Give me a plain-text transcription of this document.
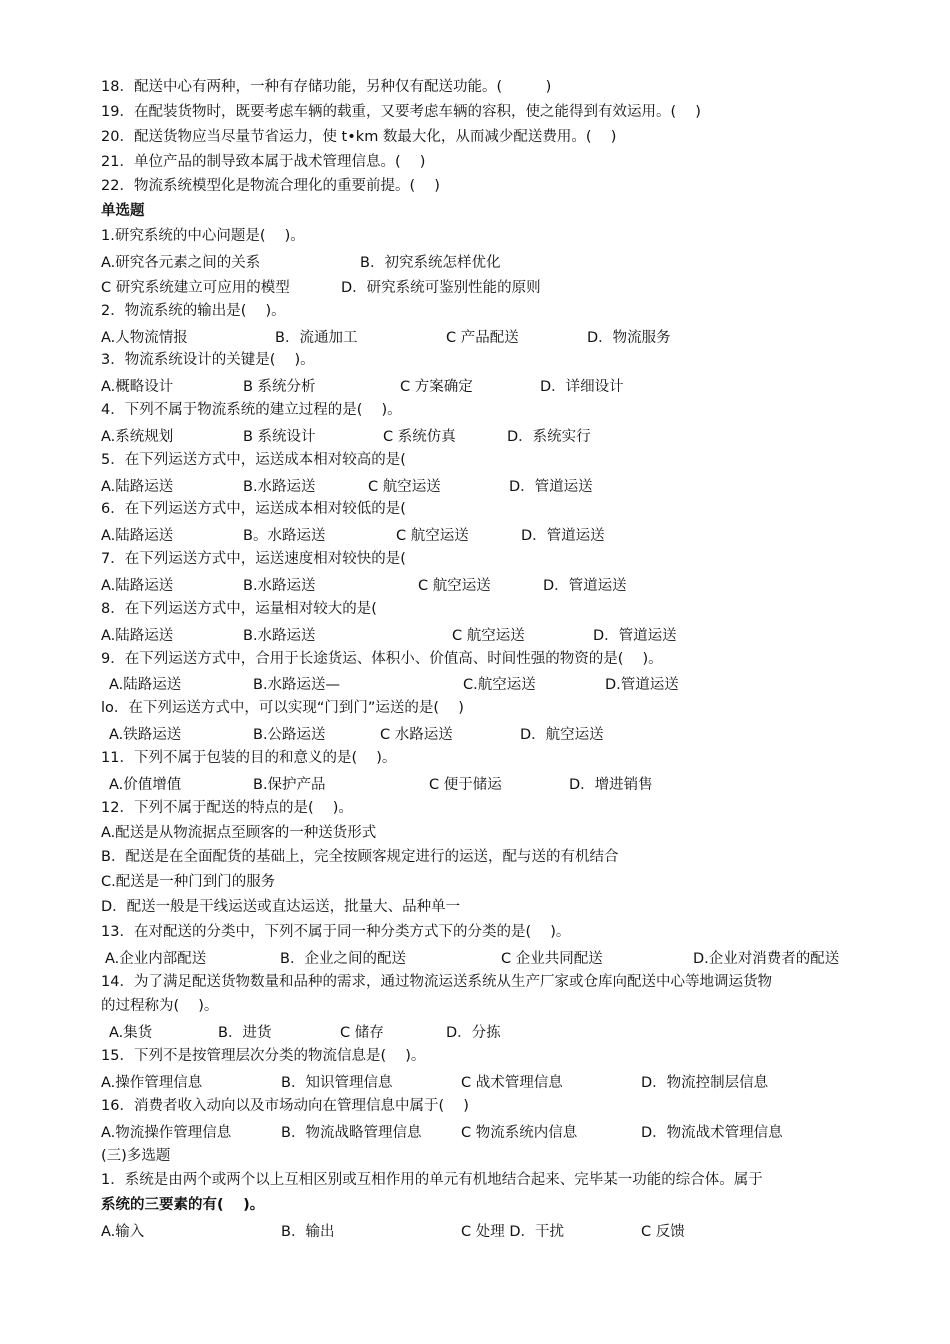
18．配送中心有两种，一种有存储功能，另种仅有配送功能。(　　　)
19．在配装货物时，既要考虑车辆的载重，又要考虑车辆的容积，使之能得到有效运用。(　 )
20．配送货物应当尽量节省运力，使 t•km 数最大化，从而减少配送费用。(　 )
21．单位产品的制导致本属于战术管理信息。(　 )
22．物流系统模型化是物流合理化的重要前提。(　 )
单选题
1.研究系统的中心问题是(　 )。
A.研究各元素之间的关系	B．初究系统怎样优化
C 研究系统建立可应用的模型	D．研究系统可鉴别性能的原则
2．物流系统的输出是(　 )。
A.人物流情报	B．流通加工	C 产品配送	D．物流服务
3．物流系统设计的关键是(　 )。
A.概略设计	B 系统分析	C 方案确定	D．详细设计
4．下列不属于物流系统的建立过程的是(　 )。
A.系统规划	B 系统设计	C 系统仿真	D．系统实行
5．在下列运送方式中，运送成本相对较高的是(
A.陆路运送	B.水路运送	C 航空运送	D．管道运送
6．在下列运送方式中，运送成本相对较低的是(
A.陆路运送	B。水路运送	C 航空运送	D．管道运送
7．在下列运送方式中，运送速度相对较快的是(
A.陆路运送	B.水路运送	C 航空运送	D．管道运送
8．在下列运送方式中，运量相对较大的是(
A.陆路运送	B.水路运送	C 航空运送	D．管道运送
9．在下列运送方式中，合用于长途货运、体积小、价值高、时间性强的物资的是(　 )。
A.陆路运送	B.水路运送—	C.航空运送	D.管道运送
lo．在下列运送方式中，可以实现“门到门”运送的是(　 )
A.铁路运送	B.公路运送	C 水路运送	D．航空运送
11．下列不属于包装的目的和意义的是(　 )。
A.价值增值	B.保护产品	C 便于储运	D．增进销售
12．下列不属于配送的特点的是(　 )。
A.配送是从物流据点至顾客的一种送货形式
B．配送是在全面配货的基础上，完全按顾客规定进行的运送，配与送的有机结合
C.配送是一种门到门的服务
D．配送一般是干线运送或直达运送，批量大、品种单一
13．在对配送的分类中，下列不属于同一种分类方式下的分类的是(　 )。
A.企业内部配送	B．企业之间的配送	C 企业共同配送	D.企业对消费者的配送
14．为了满足配送货物数量和品种的需求，通过物流运送系统从生产厂家或仓库向配送中心等地调运货物
的过程称为(　 )。
A.集货	B．进货	C 储存	D．分拣
15．下列不是按管理层次分类的物流信息是(　 )。
A.操作管理信息	B．知识管理信息	C 战术管理信息	D．物流控制层信息
16．消费者收入动向以及市场动向在管理信息中属于(　 )
A.物流操作管理信息	B．物流战略管理信息	C 物流系统内信息	D．物流战术管理信息
(三)多选题
1．系统是由两个或两个以上互相区别或互相作用的单元有机地结合起来、完毕某一功能的综合体。属于
系统的三要素的有(　 )。
A.输入	B．输出	C 处理 D．干扰	C 反馈
